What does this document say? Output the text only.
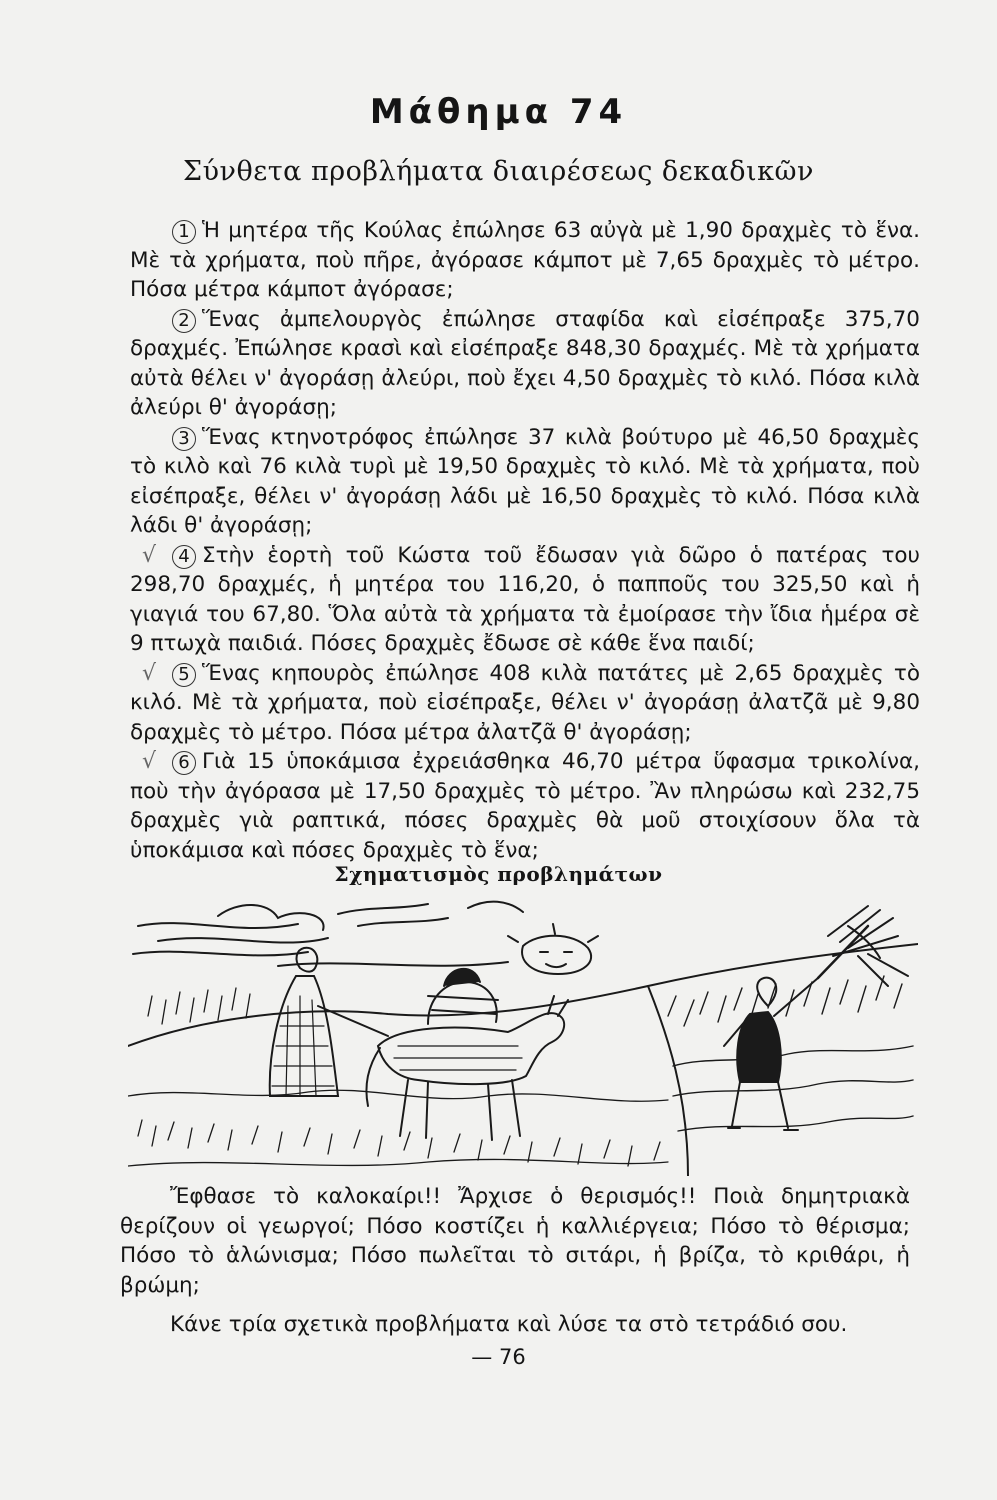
Μάθημα 74
Σύνθετα προβλήματα διαιρέσεως δεκαδικῶν

1 Ἡ μητέρα τῆς Κούλας ἐπώλησε 63 αὐγὰ μὲ 1,90 δραχμὲς τὸ ἕνα. Μὲ τὰ χρήματα, ποὺ πῆρε, ἀγόρασε κάμποτ μὲ 7,65 δραχμὲς τὸ μέτρο. Πόσα μέτρα κάμποτ ἀγόρασε;

2 Ἕνας ἀμπελουργὸς ἐπώλησε σταφίδα καὶ εἰσέπραξε 375,70 δραχμές. Ἐπώλησε κρασὶ καὶ εἰσέπραξε 848,30 δραχμές. Μὲ τὰ χρήματα αὐτὰ θέλει ν' ἀγοράσῃ ἀλεύρι, ποὺ ἔχει 4,50 δραχμὲς τὸ κιλό. Πόσα κιλὰ ἀλεύρι θ' ἀγοράσῃ;

3 Ἕνας κτηνοτρόφος ἐπώλησε 37 κιλὰ βούτυρο μὲ 46,50 δραχμὲς τὸ κιλὸ καὶ 76 κιλὰ τυρὶ μὲ 19,50 δραχμὲς τὸ κιλό. Μὲ τὰ χρήματα, ποὺ εἰσέπραξε, θέλει ν' ἀγοράσῃ λάδι μὲ 16,50 δραχμὲς τὸ κιλό. Πόσα κιλὰ λάδι θ' ἀγοράσῃ;

√ 4 Στὴν ἑορτὴ τοῦ Κώστα τοῦ ἔδωσαν γιὰ δῶρο ὁ πατέρας του 298,70 δραχμές, ἡ μητέρα του 116,20, ὁ παπποῦς του 325,50 καὶ ἡ γιαγιά του 67,80. Ὅλα αὐτὰ τὰ χρήματα τὰ ἐμοίρασε τὴν ἴδια ἡμέρα σὲ 9 πτωχὰ παιδιά. Πόσες δραχμὲς ἔδωσε σὲ κάθε ἕνα παιδί;

√ 5 Ἕνας κηπουρὸς ἐπώλησε 408 κιλὰ πατάτες μὲ 2,65 δραχμὲς τὸ κιλό. Μὲ τὰ χρήματα, ποὺ εἰσέπραξε, θέλει ν' ἀγοράσῃ ἀλατζᾶ μὲ 9,80 δραχμὲς τὸ μέτρο. Πόσα μέτρα ἀλατζᾶ θ' ἀγοράσῃ;

√ 6 Γιὰ 15 ὑποκάμισα ἐχρειάσθηκα 46,70 μέτρα ὕφασμα τρικολίνα, ποὺ τὴν ἀγόρασα μὲ 17,50 δραχμὲς τὸ μέτρο. Ἂν πληρώσω καὶ 232,75 δραχμὲς γιὰ ραπτικά, πόσες δραχμὲς θὰ μοῦ στοιχίσουν ὅλα τὰ ὑποκάμισα καὶ πόσες δραχμὲς τὸ ἕνα;

Σχηματισμὸς προβλημάτων

Ἔφθασε τὸ καλοκαίρι!! Ἄρχισε ὁ θερισμός!! Ποιὰ δημητριακὰ θερίζουν οἱ γεωργοί; Πόσο κοστίζει ἡ καλλιέργεια; Πόσο τὸ θέρισμα; Πόσο τὸ ἁλώνισμα; Πόσο πωλεῖται τὸ σιτάρι, ἡ βρίζα, τὸ κριθάρι, ἡ βρώμη;

Κάνε τρία σχετικὰ προβλήματα καὶ λύσε τα στὸ τετράδιό σου.

— 76
